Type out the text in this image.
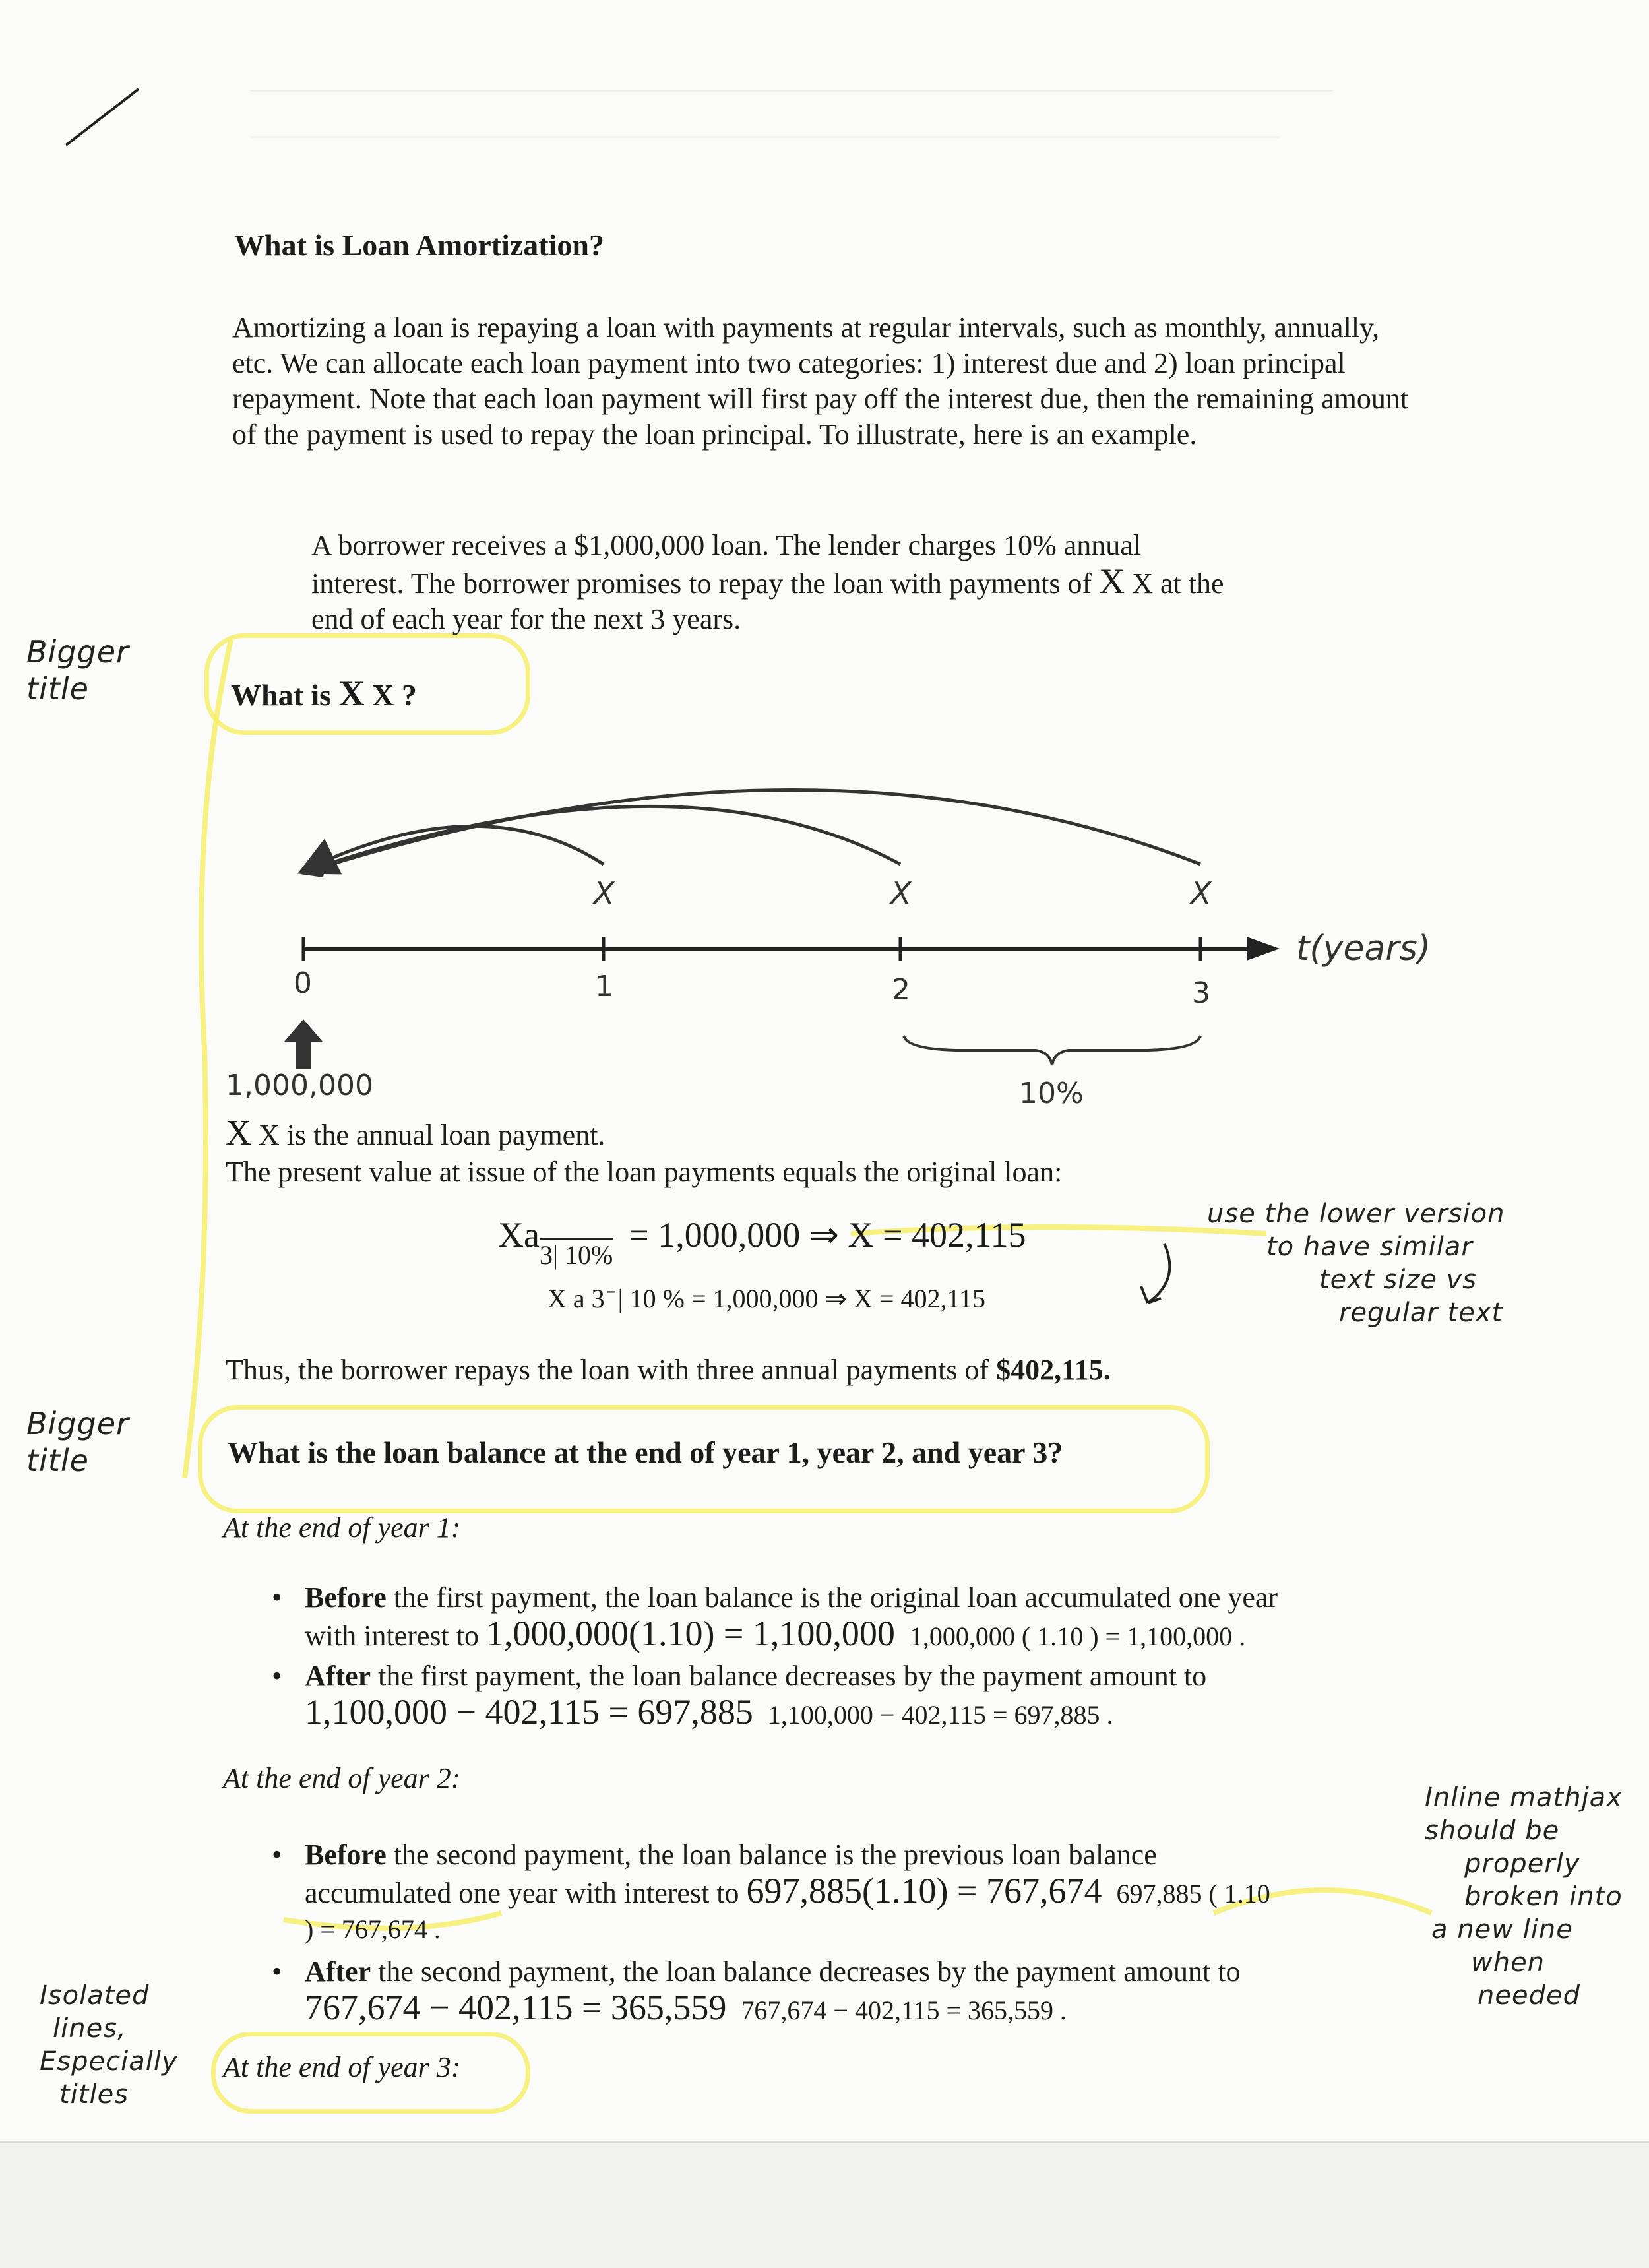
—————————————————————————————————————————
———————————————————————————————————————
What is Loan Amortization?
Amortizing a loan is repaying a loan with payments at regular intervals, such as monthly, annually, etc. We can allocate each loan payment into two categories: 1) interest due and 2) loan principal repayment. Note that each loan payment will first pay off the interest due, then the remaining amount of the payment is used to repay the loan principal. To illustrate, here is an example.
A borrower receives a $1,000,000 loan. The lender charges 10% annual
interest. The borrower promises to repay the loan with payments of X X at the
end of each year for the next 3 years.
What is X X ?
X	X	X
0	1	2	3
t(years)
1,000,000	10%
X X is the annual loan payment.
The present value at issue of the loan payments equals the original loan:
Xa3| 10% = 1,000,000 ⇒ X = 402,115
X a 3 ̄ | 10 % = 1,000,000 ⇒ X = 402,115
Thus, the borrower repays the loan with three annual payments of $402,115.
What is the loan balance at the end of year 1, year 2, and year 3?
At the end of year 1:
• Before the first payment, the loan balance is the original loan accumulated one year
with interest to 1,000,000(1.10) = 1,100,000 1,000,000 ( 1.10 ) = 1,100,000 .
• After the first payment, the loan balance decreases by the payment amount to
1,100,000 − 402,115 = 697,885 1,100,000 − 402,115 = 697,885 .
At the end of year 2:
• Before the second payment, the loan balance is the previous loan balance
accumulated one year with interest to 697,885(1.10) = 767,674 697,885 ( 1.10
) = 767,674 .
• After the second payment, the loan balance decreases by the payment amount to
767,674 − 402,115 = 365,559 767,674 − 402,115 = 365,559 .
At the end of year 3:
Bigger
title
Bigger
title
use the lower version
to have similar
text size vs
regular text
Inline mathjax
should be
properly
broken into
a new line
when
needed
Isolated
lines,
Especially
titles
